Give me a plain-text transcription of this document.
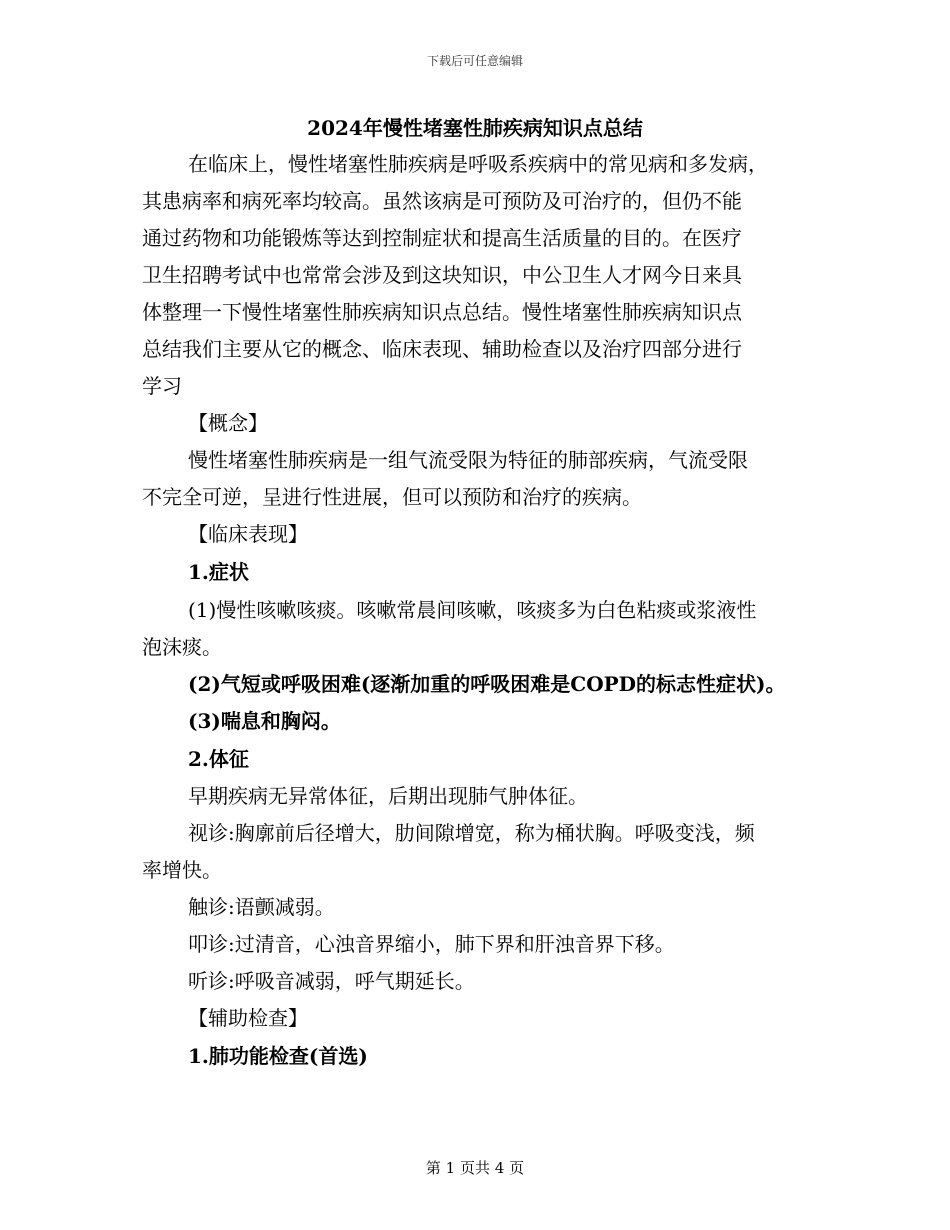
下载后可任意编辑
2024年慢性堵塞性肺疾病知识点总结
在临床上，慢性堵塞性肺疾病是呼吸系疾病中的常见病和多发病，
其患病率和病死率均较高。虽然该病是可预防及可治疗的，但仍不能
通过药物和功能锻炼等达到控制症状和提高生活质量的目的。在医疗
卫生招聘考试中也常常会涉及到这块知识，中公卫生人才网今日来具
体整理一下慢性堵塞性肺疾病知识点总结。慢性堵塞性肺疾病知识点
总结我们主要从它的概念、临床表现、辅助检查以及治疗四部分进行
学习
【概念】
慢性堵塞性肺疾病是一组气流受限为特征的肺部疾病，气流受限
不完全可逆，呈进行性进展，但可以预防和治疗的疾病。
【临床表现】
1.症状
(1)慢性咳嗽咳痰。咳嗽常晨间咳嗽，咳痰多为白色粘痰或浆液性
泡沫痰。
(2)气短或呼吸困难(逐渐加重的呼吸困难是COPD的标志性症状)。
(3)喘息和胸闷。
2.体征
早期疾病无异常体征，后期出现肺气肿体征。
视诊:胸廓前后径增大，肋间隙增宽，称为桶状胸。呼吸变浅，频
率增快。
触诊:语颤减弱。
叩诊:过清音，心浊音界缩小，肺下界和肝浊音界下移。
听诊:呼吸音减弱，呼气期延长。
【辅助检查】
1.肺功能检查(首选)
第 1 页共 4 页
